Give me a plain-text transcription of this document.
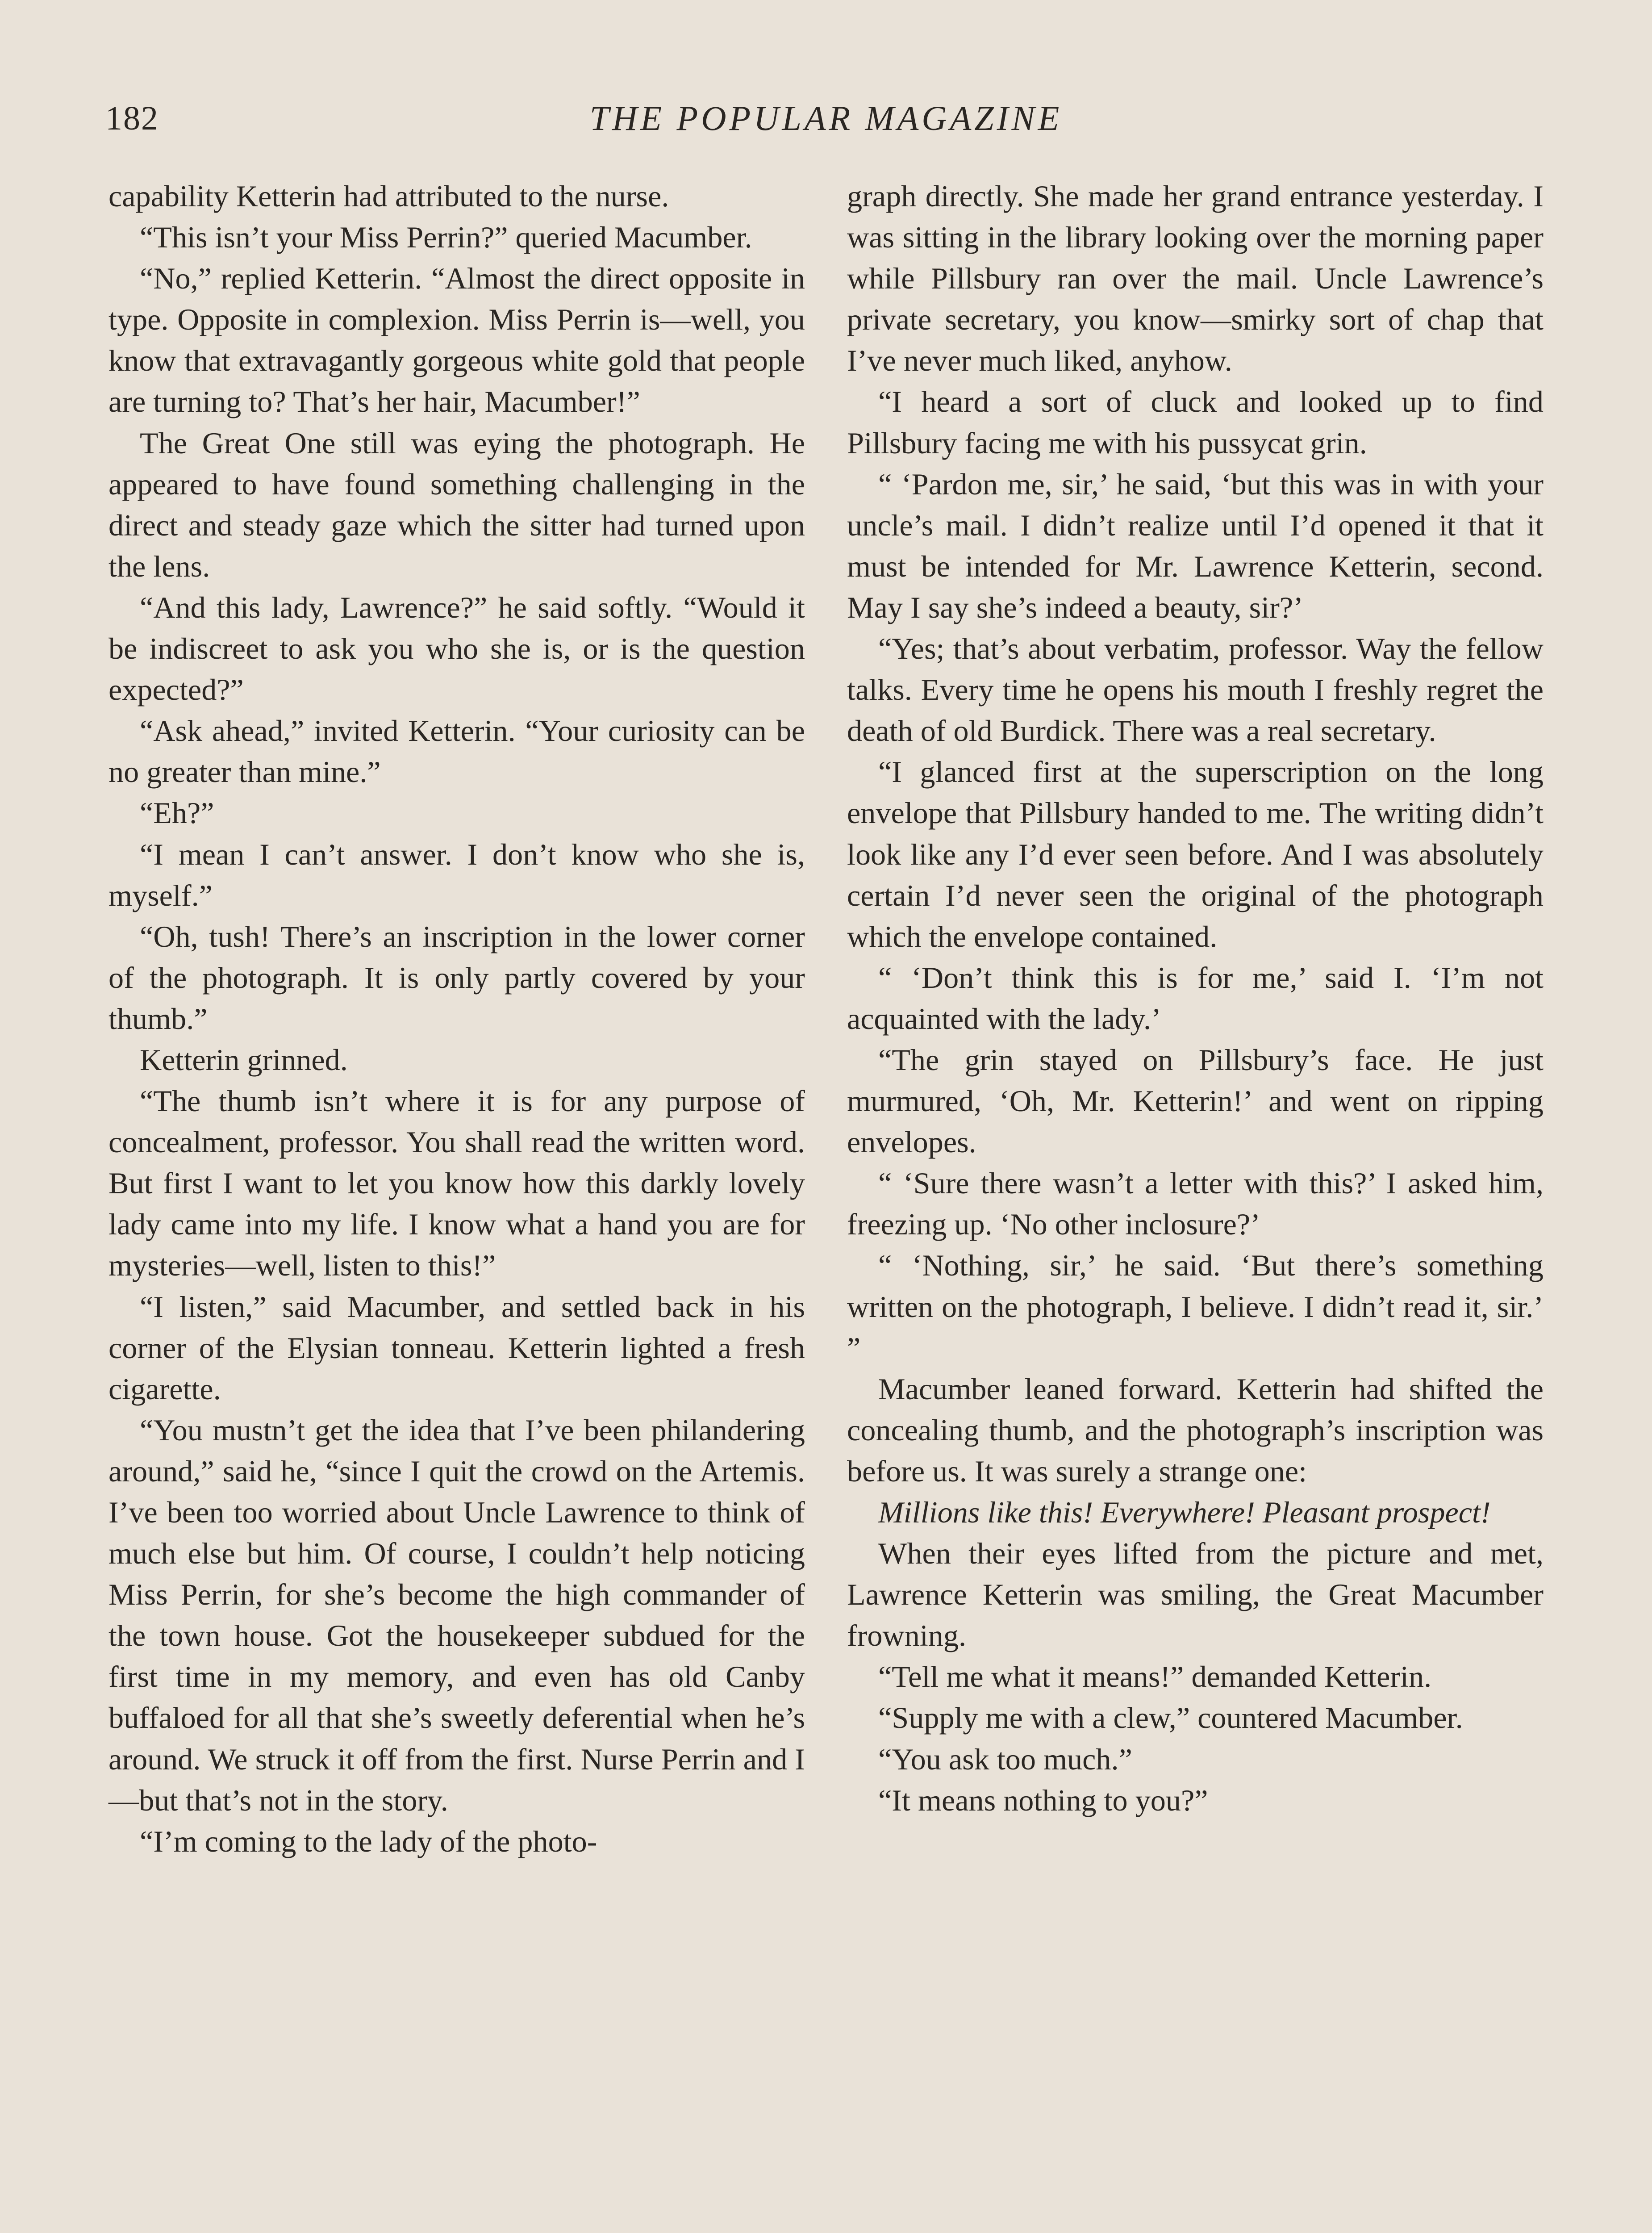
182	THE POPULAR MAGAZINE

capability Ketterin had attributed to the nurse.

“This isn’t your Miss Perrin?” queried Macumber.

“No,” replied Ketterin. “Almost the direct opposite in type. Opposite in complexion. Miss Perrin is—well, you know that extravagantly gorgeous white gold that people are turning to? That’s her hair, Macumber!”

The Great One still was eying the photograph. He appeared to have found something challenging in the direct and steady gaze which the sitter had turned upon the lens.

“And this lady, Lawrence?” he said softly. “Would it be indiscreet to ask you who she is, or is the question expected?”

“Ask ahead,” invited Ketterin. “Your curiosity can be no greater than mine.”

“Eh?”

“I mean I can’t answer. I don’t know who she is, myself.”

“Oh, tush! There’s an inscription in the lower corner of the photograph. It is only partly covered by your thumb.”

Ketterin grinned.

“The thumb isn’t where it is for any purpose of concealment, professor. You shall read the written word. But first I want to let you know how this darkly lovely lady came into my life. I know what a hand you are for mysteries—well, listen to this!”

“I listen,” said Macumber, and settled back in his corner of the Elysian tonneau. Ketterin lighted a fresh cigarette.

“You mustn’t get the idea that I’ve been philandering around,” said he, “since I quit the crowd on the Artemis. I’ve been too worried about Uncle Lawrence to think of much else but him. Of course, I couldn’t help noticing Miss Perrin, for she’s become the high commander of the town house. Got the housekeeper subdued for the first time in my memory, and even has old Canby buffaloed for all that she’s sweetly deferential when he’s around. We struck it off from the first. Nurse Perrin and I—but that’s not in the story.

“I’m coming to the lady of the photo-

graph directly. She made her grand entrance yesterday. I was sitting in the library looking over the morning paper while Pillsbury ran over the mail. Uncle Lawrence’s private secretary, you know—smirky sort of chap that I’ve never much liked, anyhow.

“I heard a sort of cluck and looked up to find Pillsbury facing me with his pussycat grin.

“ ‘Pardon me, sir,’ he said, ‘but this was in with your uncle’s mail. I didn’t realize until I’d opened it that it must be intended for Mr. Lawrence Ketterin, second. May I say she’s indeed a beauty, sir?’

“Yes; that’s about verbatim, professor. Way the fellow talks. Every time he opens his mouth I freshly regret the death of old Burdick. There was a real secretary.

“I glanced first at the superscription on the long envelope that Pillsbury handed to me. The writing didn’t look like any I’d ever seen before. And I was absolutely certain I’d never seen the original of the photograph which the envelope contained.

“ ‘Don’t think this is for me,’ said I. ‘I’m not acquainted with the lady.’

“The grin stayed on Pillsbury’s face. He just murmured, ‘Oh, Mr. Ketterin!’ and went on ripping envelopes.

“ ‘Sure there wasn’t a letter with this?’ I asked him, freezing up. ‘No other inclosure?’

“ ‘Nothing, sir,’ he said. ‘But there’s something written on the photograph, I believe. I didn’t read it, sir.’ ”

Macumber leaned forward. Ketterin had shifted the concealing thumb, and the photograph’s inscription was before us. It was surely a strange one:

Millions like this! Everywhere! Pleasant prospect!

When their eyes lifted from the picture and met, Lawrence Ketterin was smiling, the Great Macumber frowning.

“Tell me what it means!” demanded Ketterin.

“Supply me with a clew,” countered Macumber.

“You ask too much.”

“It means nothing to you?”
